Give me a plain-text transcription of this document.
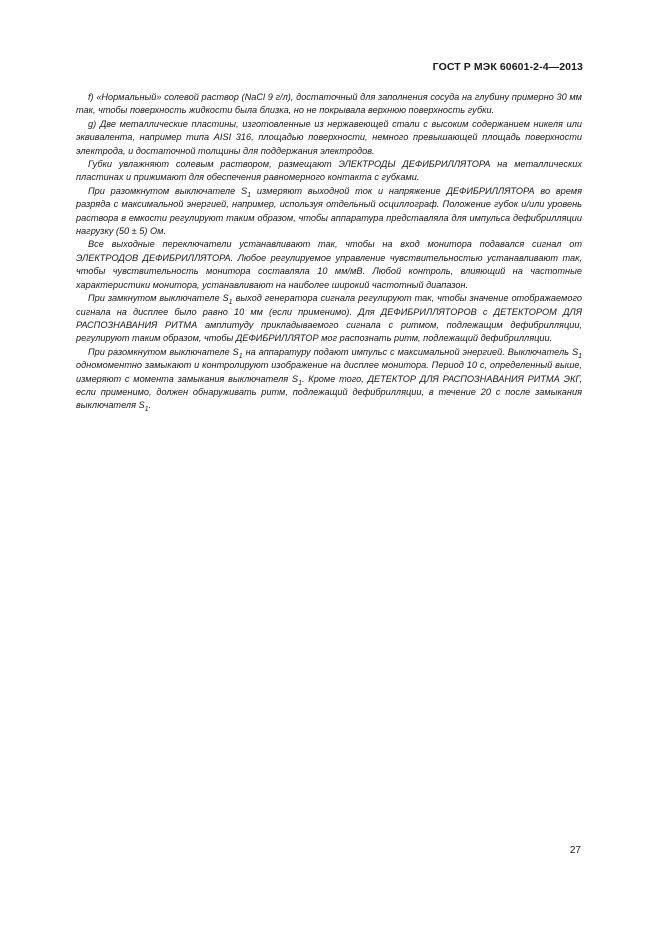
ГОСТ Р МЭК 60601-2-4—2013

f) «Нормальный» солевой раствор (NaCl 9 г/л), достаточный для заполнения сосуда на глубину примерно 30 мм так, чтобы поверхность жидкости была близка, но не покрывала верхнюю поверхность губки.

g) Две металлические пластины, изготовленные из нержавеющей стали с высоким содержанием никеля или эквивалента, например типа AISI 316, площадью поверхности, немного превышающей площадь поверхности электрода, и достаточной толщины для поддержания электродов.

Губки увлажняют солевым раствором, размещают ЭЛЕКТРОДЫ ДЕФИБРИЛЛЯТОРА на металлических пластинах и прижимают для обеспечения равномерного контакта с губками.

При разомкнутом выключателе $S_1$ измеряют выходной ток и напряжение ДЕФИБРИЛЛЯТОРА во время разряда с максимальной энергией, например, используя отдельный осциллограф. Положение губок и/или уровень раствора в емкости регулируют таким образом, чтобы аппаратура представляла для импульса дефибрилляции нагрузку (50 ± 5) Ом.

Все выходные переключатели устанавливают так, чтобы на вход монитора подавался сигнал от ЭЛЕКТРОДОВ ДЕФИБРИЛЛЯТОРА. Любое регулируемое управление чувствительностью устанавливают так, чтобы чувствительность монитора составляла 10 мм/мВ. Любой контроль, влияющий на частотные характеристики монитора, устанавливают на наиболее широкий частотный диапазон.

При замкнутом выключателе $S_1$ выход генератора сигнала регулируют так, чтобы значение отображаемого сигнала на дисплее было равно 10 мм (если применимо). Для ДЕФИБРИЛЛЯТОРОВ с ДЕТЕКТОРОМ ДЛЯ РАСПОЗНАВАНИЯ РИТМА амплитуду прикладываемого сигнала с ритмом, подлежащим дефибрилляции, регулируют таким образом, чтобы ДЕФИБРИЛЛЯТОР мог распознать ритм, подлежащий дефибрилляции.

При разомкнутом выключателе $S_1$ на аппаратуру подают импульс с максимальной энергией. Выключатель $S_1$ одномоментно замыкают и контролируют изображение на дисплее монитора. Период 10 с, определенный выше, измеряют с момента замыкания выключателя $S_1$. Кроме того, ДЕТЕКТОР ДЛЯ РАСПОЗНАВАНИЯ РИТМА ЭКГ, если применимо, должен обнаруживать ритм, подлежащий дефибрилляции, в течение 20 с после замыкания выключателя $S_1$.

27
